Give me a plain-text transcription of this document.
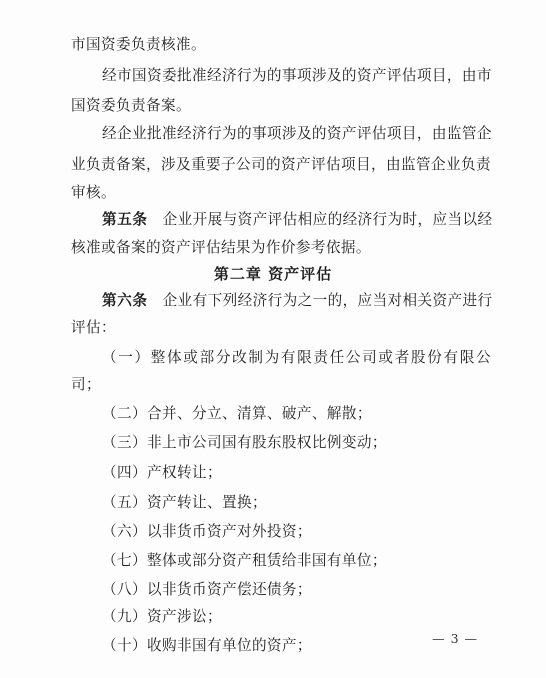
市国资委负责核准。
经市国资委批准经济行为的事项涉及的资产评估项目，由市
国资委负责备案。
经企业批准经济行为的事项涉及的资产评估项目，由监管企
业负责备案，涉及重要子公司的资产评估项目，由监管企业负责
审核。
第五条 企业开展与资产评估相应的经济行为时，应当以经
核准或备案的资产评估结果为作价参考依据。
第二章 资产评估
第六条 企业有下列经济行为之一的，应当对相关资产进行
评估：
（一）整体或部分改制为有限责任公司或者股份有限公
司；
（二）合并、分立、清算、破产、解散；
（三）非上市公司国有股东股权比例变动；
（四）产权转让；
（五）资产转让、置换；
（六）以非货币资产对外投资；
（七）整体或部分资产租赁给非国有单位；
（八）以非货币资产偿还债务；
（九）资产涉讼；
（十）收购非国有单位的资产；	— 3 —
